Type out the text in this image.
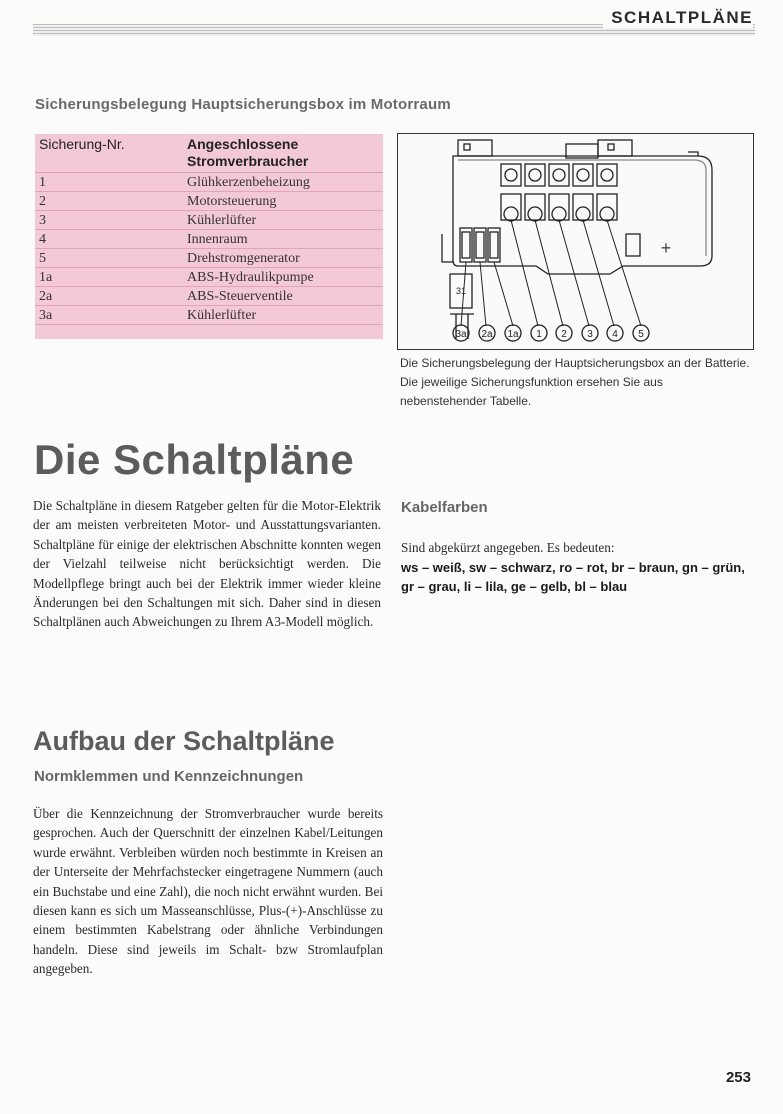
SCHALTPLÄNE
Sicherungsbelegung Hauptsicherungsbox im Motorraum
Sicherung-Nr.	Angeschlossene Stromverbraucher
1	Glühkerzenbeheizung
2	Motorsteuerung
3	Kühlerlüfter
4	Innenraum
5	Drehstromgenerator
1a	ABS-Hydraulikpumpe
2a	ABS-Steuerventile
3a	Kühlerlüfter

3a 2a 1a 1 2 3 4 5
+
31
Die Sicherungsbelegung der Hauptsicherungsbox an der Batterie. Die jeweilige Sicherungsfunktion ersehen Sie aus nebenstehender Tabelle.
Die Schaltpläne
Die Schaltpläne in diesem Ratgeber gelten für die Motor-Elektrik der am meisten verbreiteten Motor- und Ausstattungsvarianten. Schaltpläne für einige der elektrischen Abschnitte konnten wegen der Vielzahl teilweise nicht berücksichtigt werden. Die Modellpflege bringt auch bei der Elektrik immer wieder kleine Änderungen bei den Schaltungen mit sich. Daher sind in diesen Schaltplänen auch Abweichungen zu Ihrem A3-Modell möglich.
Kabelfarben
Sind abgekürzt angegeben. Es bedeuten:
ws – weiß, sw – schwarz, ro – rot, br – braun, gn – grün, gr – grau, li – lila, ge – gelb, bl – blau
Aufbau der Schaltpläne
Normklemmen und Kennzeichnungen
Über die Kennzeichnung der Stromverbraucher wurde bereits gesprochen. Auch der Querschnitt der einzelnen Kabel/Leitungen wurde erwähnt. Verbleiben würden noch bestimmte in Kreisen an der Unterseite der Mehrfachstecker eingetragene Nummern (auch ein Buchstabe und eine Zahl), die noch nicht erwähnt wurden. Bei diesen kann es sich um Masseanschlüsse, Plus-(+)-Anschlüsse zu einem bestimmten Kabelstrang oder ähnliche Verbindungen handeln. Diese sind jeweils im Schalt- bzw Stromlaufplan angegeben.
253
